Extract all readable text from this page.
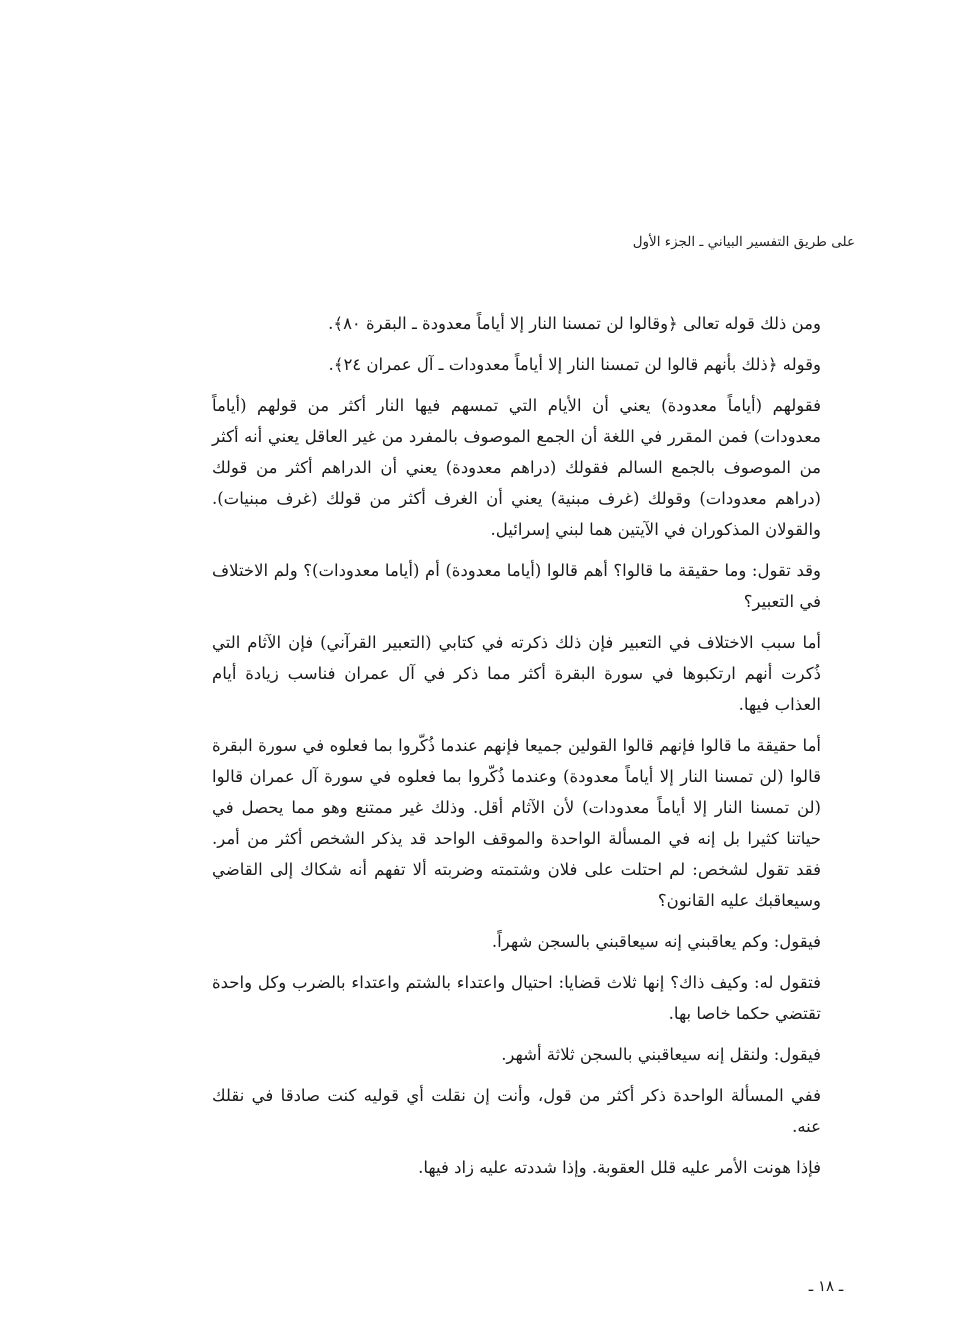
على طريق التفسير البياني ـ الجزء الأول

ومن ذلك قوله تعالى ﴿وقالوا لن تمسنا النار إلا أياماً معدودة ـ البقرة ٨٠﴾.

وقوله ﴿ذلك بأنهم قالوا لن تمسنا النار إلا أياماً معدودات ـ آل عمران ٢٤﴾.

فقولهم (أياماً معدودة) يعني أن الأيام التي تمسهم فيها النار أكثر من قولهم (أياماً معدودات) فمن المقرر في اللغة أن الجمع الموصوف بالمفرد من غير العاقل يعني أنه أكثر من الموصوف بالجمع السالم فقولك (دراهم معدودة) يعني أن الدراهم أكثر من قولك (دراهم معدودات) وقولك (غرف مبنية) يعني أن الغرف أكثر من قولك (غرف مبنيات). والقولان المذكوران في الآيتين هما لبني إسرائيل.

وقد تقول: وما حقيقة ما قالوا؟ أهم قالوا (أياما معدودة) أم (أياما معدودات)؟ ولم الاختلاف في التعبير؟

أما سبب الاختلاف في التعبير فإن ذلك ذكرته في كتابي (التعبير القرآني) فإن الآثام التي ذُكرت أنهم ارتكبوها في سورة البقرة أكثر مما ذكر في آل عمران فناسب زيادة أيام العذاب فيها.

أما حقيقة ما قالوا فإنهم قالوا القولين جميعا فإنهم عندما ذُكّروا بما فعلوه في سورة البقرة قالوا (لن تمسنا النار إلا أياماً معدودة) وعندما ذُكّروا بما فعلوه في سورة آل عمران قالوا (لن تمسنا النار إلا أياماً معدودات) لأن الآثام أقل. وذلك غير ممتنع وهو مما يحصل في حياتنا كثيرا بل إنه في المسألة الواحدة والموقف الواحد قد يذكر الشخص أكثر من أمر. فقد تقول لشخص: لم احتلت على فلان وشتمته وضربته ألا تفهم أنه شكاك إلى القاضي وسيعاقبك عليه القانون؟

فيقول: وكم يعاقبني إنه سيعاقبني بالسجن شهراً.

فتقول له: وكيف ذاك؟ إنها ثلاث قضايا: احتيال واعتداء بالشتم واعتداء بالضرب وكل واحدة تقتضي حكما خاصا بها.

فيقول: ولنقل إنه سيعاقبني بالسجن ثلاثة أشهر.

ففي المسألة الواحدة ذكر أكثر من قول، وأنت إن نقلت أي قوليه كنت صادقا في نقلك عنه.

فإذا هونت الأمر عليه قلل العقوبة. وإذا شددته عليه زاد فيها.

ـ ١٨ ـ
